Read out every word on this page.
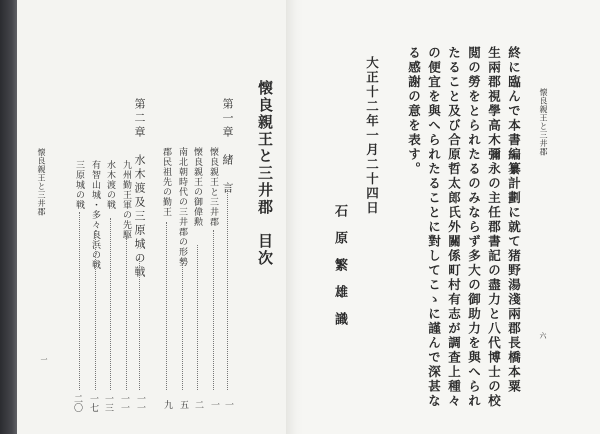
懐良親王と三井郡	三原城の戦 有智山城・多々良浜の戦 水木渡の戦 九州勤王軍の先駆 第二章　水木渡及三原城の戦 郡民祖先の勤王 南北朝時代の三井郡の形勢 懐良親王の御偉勲 懐良親王と三井郡 第一章　緒　言 懐良親王と三井郡　目次
二〇 一七 一三 一一 一一 九 五 二 一 一
一
石原繁雄識
大正十二年一月二十四日 る感謝の意を表す。 の便宜を與へられたることに對してこゝに謹んで深甚な たること及び合原哲太郎氏外關係町村有志が調査上種々 閲の勞をとられたるのみならず多大の御助力を與へられ 生兩郡視學高木彌永の主任郡書記の盡力と八代博士の校 終に臨んで本書編纂計劃に就て猪野湯淺兩郡長橋本粟 懐良親王と三井郡
六
